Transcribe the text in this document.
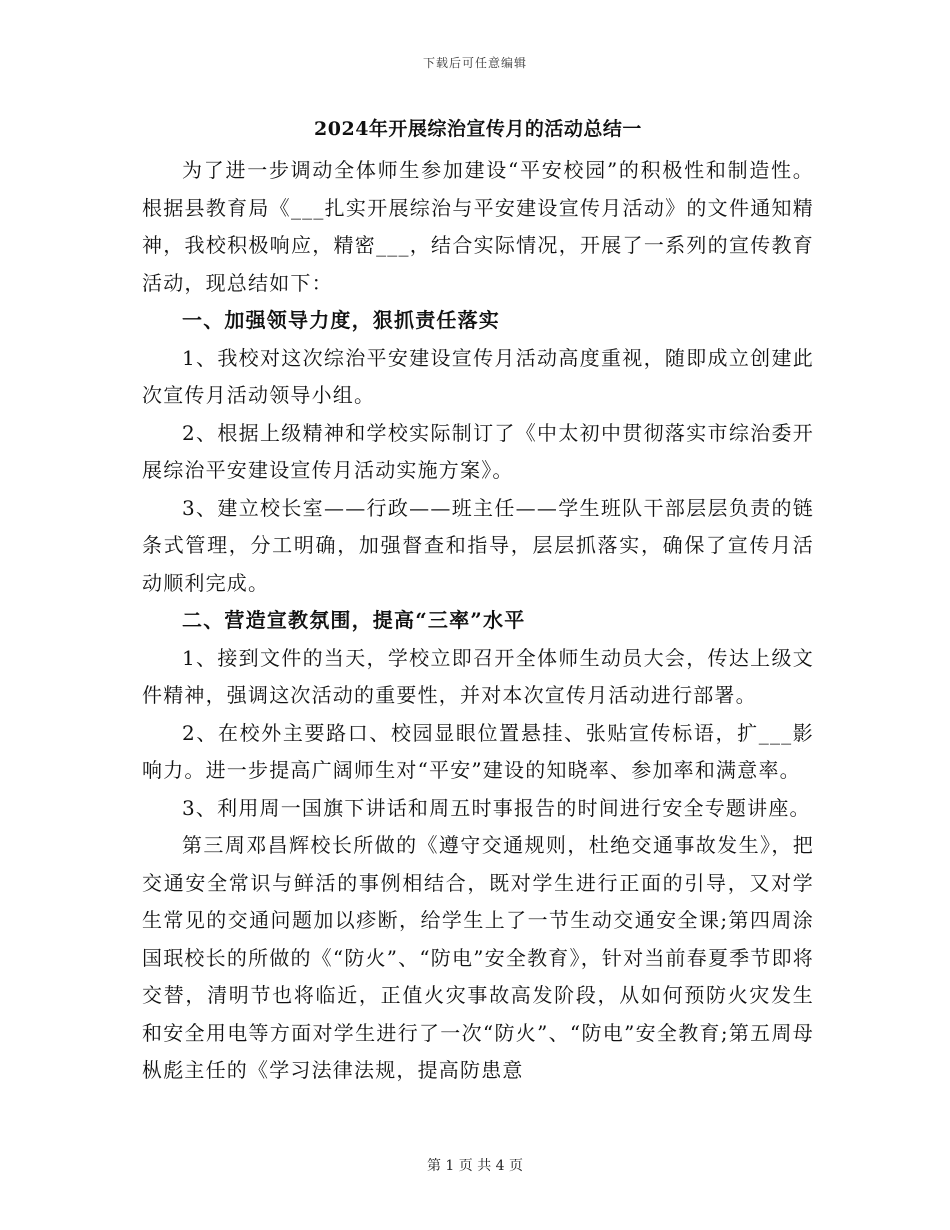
下载后可任意编辑
2024年开展综治宣传月的活动总结一

为了进一步调动全体师生参加建设“平安校园”的积极性和制造性。根据县教育局《___扎实开展综治与平安建设宣传月活动》的文件通知精神，我校积极响应，精密___，结合实际情况，开展了一系列的宣传教育活动，现总结如下：

一、加强领导力度，狠抓责任落实

1、我校对这次综治平安建设宣传月活动高度重视，随即成立创建此次宣传月活动领导小组。

2、根据上级精神和学校实际制订了《中太初中贯彻落实市综治委开展综治平安建设宣传月活动实施方案》。

3、建立校长室——行政——班主任——学生班队干部层层负责的链条式管理，分工明确，加强督查和指导，层层抓落实，确保了宣传月活动顺利完成。

二、营造宣教氛围，提高“三率”水平

1、接到文件的当天，学校立即召开全体师生动员大会，传达上级文件精神，强调这次活动的重要性，并对本次宣传月活动进行部署。

2、在校外主要路口、校园显眼位置悬挂、张贴宣传标语，扩___影响力。进一步提高广阔师生对“平安”建设的知晓率、参加率和满意率。

3、利用周一国旗下讲话和周五时事报告的时间进行安全专题讲座。

第三周邓昌辉校长所做的《遵守交通规则，杜绝交通事故发生》，把交通安全常识与鲜活的事例相结合，既对学生进行正面的引导，又对学生常见的交通问题加以疹断，给学生上了一节生动交通安全课;第四周涂国珉校长的所做的《“防火”、“防电”安全教育》，针对当前春夏季节即将交替，清明节也将临近，正值火灾事故高发阶段，从如何预防火灾发生和安全用电等方面对学生进行了一次“防火”、“防电”安全教育;第五周母枞彪主任的《学习法律法规，提高防患意

第 1 页 共 4 页
